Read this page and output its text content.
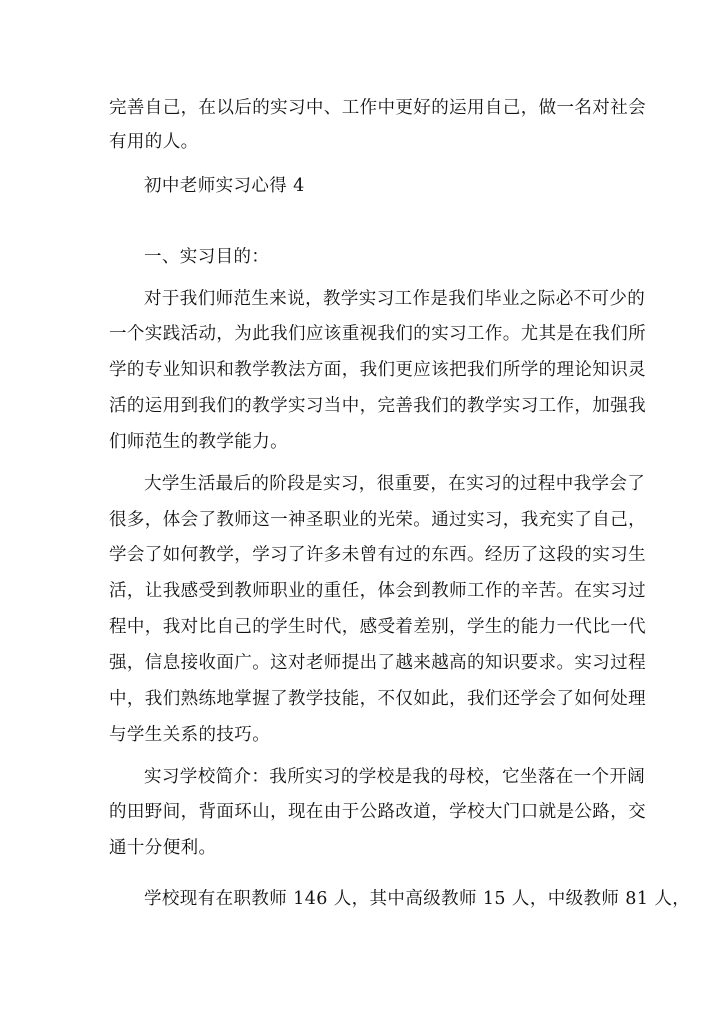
完善自己，在以后的实习中、工作中更好的运用自己，做一名对社会
有用的人。
初中老师实习心得 4
一、实习目的：
对于我们师范生来说，教学实习工作是我们毕业之际必不可少的
一个实践活动，为此我们应该重视我们的实习工作。尤其是在我们所
学的专业知识和教学教法方面，我们更应该把我们所学的理论知识灵
活的运用到我们的教学实习当中，完善我们的教学实习工作，加强我
们师范生的教学能力。
大学生活最后的阶段是实习，很重要，在实习的过程中我学会了
很多，体会了教师这一神圣职业的光荣。通过实习，我充实了自己，
学会了如何教学，学习了许多未曾有过的东西。经历了这段的实习生
活，让我感受到教师职业的重任，体会到教师工作的辛苦。在实习过
程中，我对比自己的学生时代，感受着差别，学生的能力一代比一代
强，信息接收面广。这对老师提出了越来越高的知识要求。实习过程
中，我们熟练地掌握了教学技能，不仅如此，我们还学会了如何处理
与学生关系的技巧。
实习学校简介：我所实习的学校是我的母校，它坐落在一个开阔
的田野间，背面环山，现在由于公路改道，学校大门口就是公路，交
通十分便利。
学校现有在职教师 146 人，其中高级教师 15 人，中级教师 81 人，
